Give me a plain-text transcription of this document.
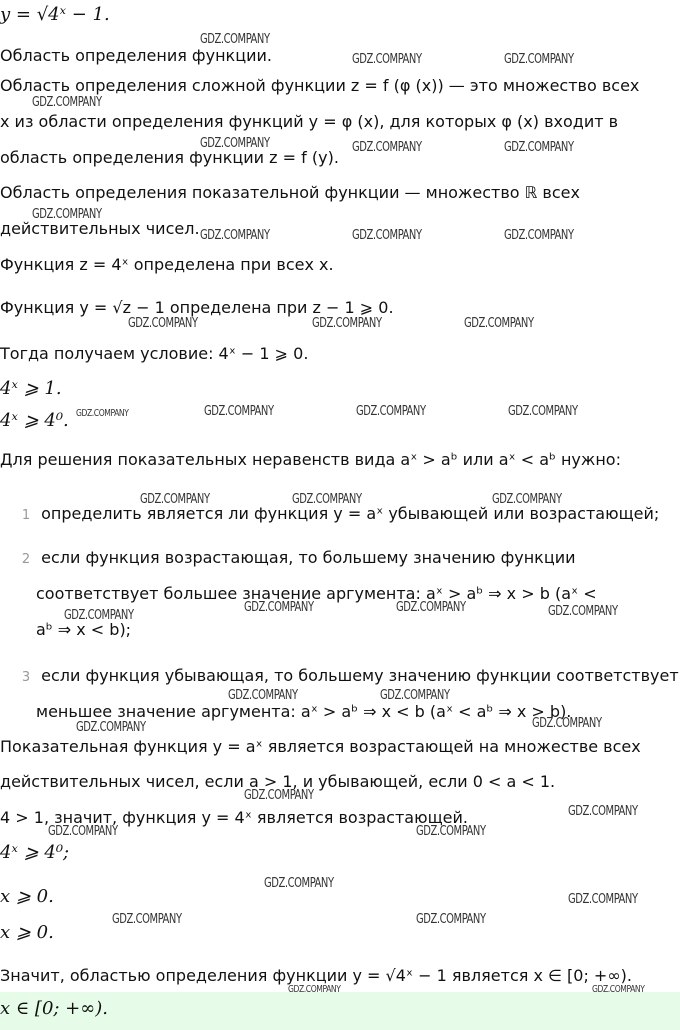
y = √4ˣ − 1.
Область определения функции.
Область определения сложной функции z = f (φ (x)) — это множество всех
x из области определения функций y = φ (x), для которых φ (x) входит в
область определения функции z = f (y).
Область определения показательной функции — множество ℝ всех
действительных чисел.
Функция z = 4ˣ определена при всех x.
Функция y = √z − 1 определена при z − 1 ⩾ 0.
Тогда получаем условие: 4ˣ − 1 ⩾ 0.
4ˣ ⩾ 1.
4ˣ ⩾ 4⁰.
Для решения показательных неравенств вида aˣ > aᵇ или aˣ < aᵇ нужно:
1 определить является ли функция y = aˣ убывающей или возрастающей;
2 если функция возрастающая, то большему значению функции
соответствует большее значение аргумента: aˣ > aᵇ ⇒ x > b (aˣ <
aᵇ ⇒ x < b);
3 если функция убывающая, то большему значению функции соответствует
меньшее значение аргумента: aˣ > aᵇ ⇒ x < b (aˣ < aᵇ ⇒ x > b).
Показательная функция y = aˣ является возрастающей на множестве всех
действительных чисел, если a > 1, и убывающей, если 0 < a < 1.
4 > 1, значит, функция y = 4ˣ является возрастающей.
4ˣ ⩾ 4⁰;
x ⩾ 0.
x ⩾ 0.
Значит, областью определения функции y = √4ˣ − 1 является x ∈ [0; +∞).
x ∈ [0; +∞).
GDZ.COMPANY
GDZ.COMPANY	GDZ.COMPANY
GDZ.COMPANY
GDZ.COMPANY	GDZ.COMPANY	GDZ.COMPANY
GDZ.COMPANY
GDZ.COMPANY	GDZ.COMPANY	GDZ.COMPANY
GDZ.COMPANY	GDZ.COMPANY	GDZ.COMPANY
GDZ.COMPANY	GDZ.COMPANY	GDZ.COMPANY	GDZ.COMPANY
GDZ.COMPANY	GDZ.COMPANY	GDZ.COMPANY
GDZ.COMPANY
GDZ.COMPANY	GDZ.COMPANY	GDZ.COMPANY
GDZ.COMPANY	GDZ.COMPANY
GDZ.COMPANY
GDZ.COMPANY
GDZ.COMPANY
GDZ.COMPANY
GDZ.COMPANY	GDZ.COMPANY
GDZ.COMPANY
GDZ.COMPANY
GDZ.COMPANY	GDZ.COMPANY
GDZ.COMPANY	GDZ.COMPANY
